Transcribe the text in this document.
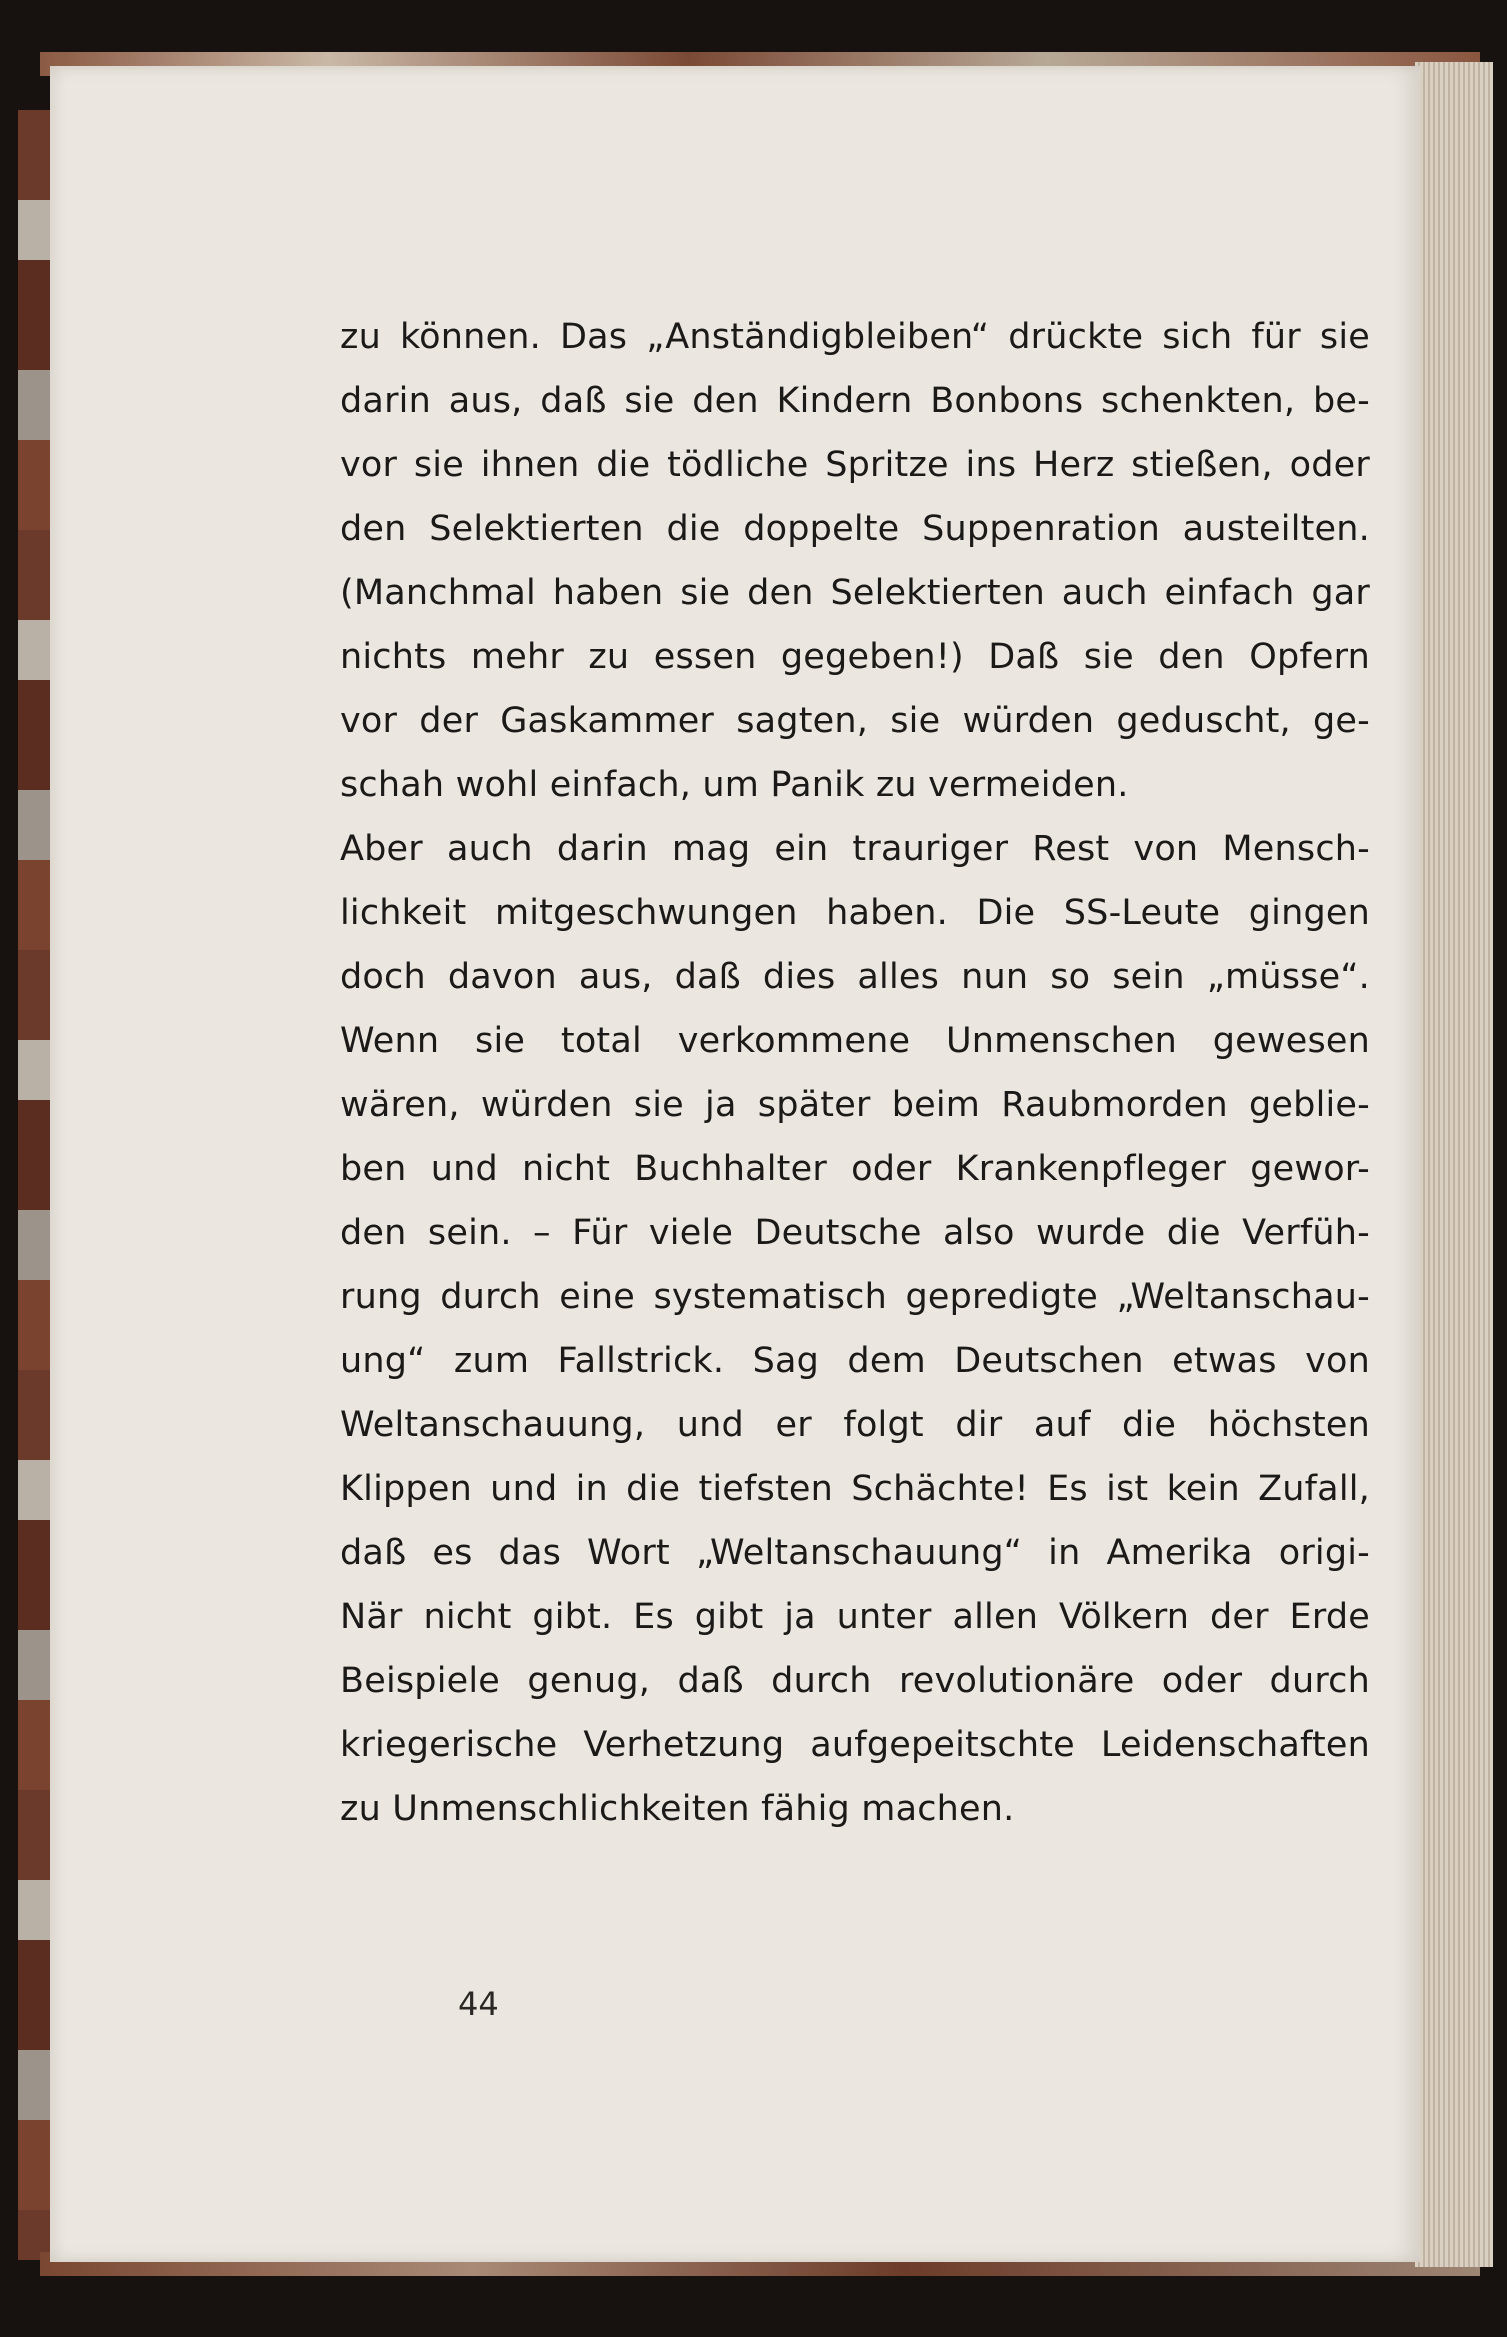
zu können. Das „Anständigbleiben“ drückte sich für sie
darin aus, daß sie den Kindern Bonbons schenkten, be-
vor sie ihnen die tödliche Spritze ins Herz stießen, oder
den Selektierten die doppelte Suppenration austeilten.
(Manchmal haben sie den Selektierten auch einfach gar
nichts mehr zu essen gegeben!) Daß sie den Opfern
vor der Gaskammer sagten, sie würden geduscht, ge-
schah wohl einfach, um Panik zu vermeiden.
Aber auch darin mag ein trauriger Rest von Mensch-
lichkeit mitgeschwungen haben. Die SS-Leute gingen
doch davon aus, daß dies alles nun so sein „müsse“.
Wenn sie total verkommene Unmenschen gewesen
wären, würden sie ja später beim Raubmorden geblie-
ben und nicht Buchhalter oder Krankenpfleger gewor-
den sein. – Für viele Deutsche also wurde die Verfüh-
rung durch eine systematisch gepredigte „Weltanschau-
ung“ zum Fallstrick. Sag dem Deutschen etwas von
Weltanschauung, und er folgt dir auf die höchsten
Klippen und in die tiefsten Schächte! Es ist kein Zufall,
daß es das Wort „Weltanschauung“ in Amerika origi-
När nicht gibt. Es gibt ja unter allen Völkern der Erde
Beispiele genug, daß durch revolutionäre oder durch
kriegerische Verhetzung aufgepeitschte Leidenschaften
zu Unmenschlichkeiten fähig machen.
44
